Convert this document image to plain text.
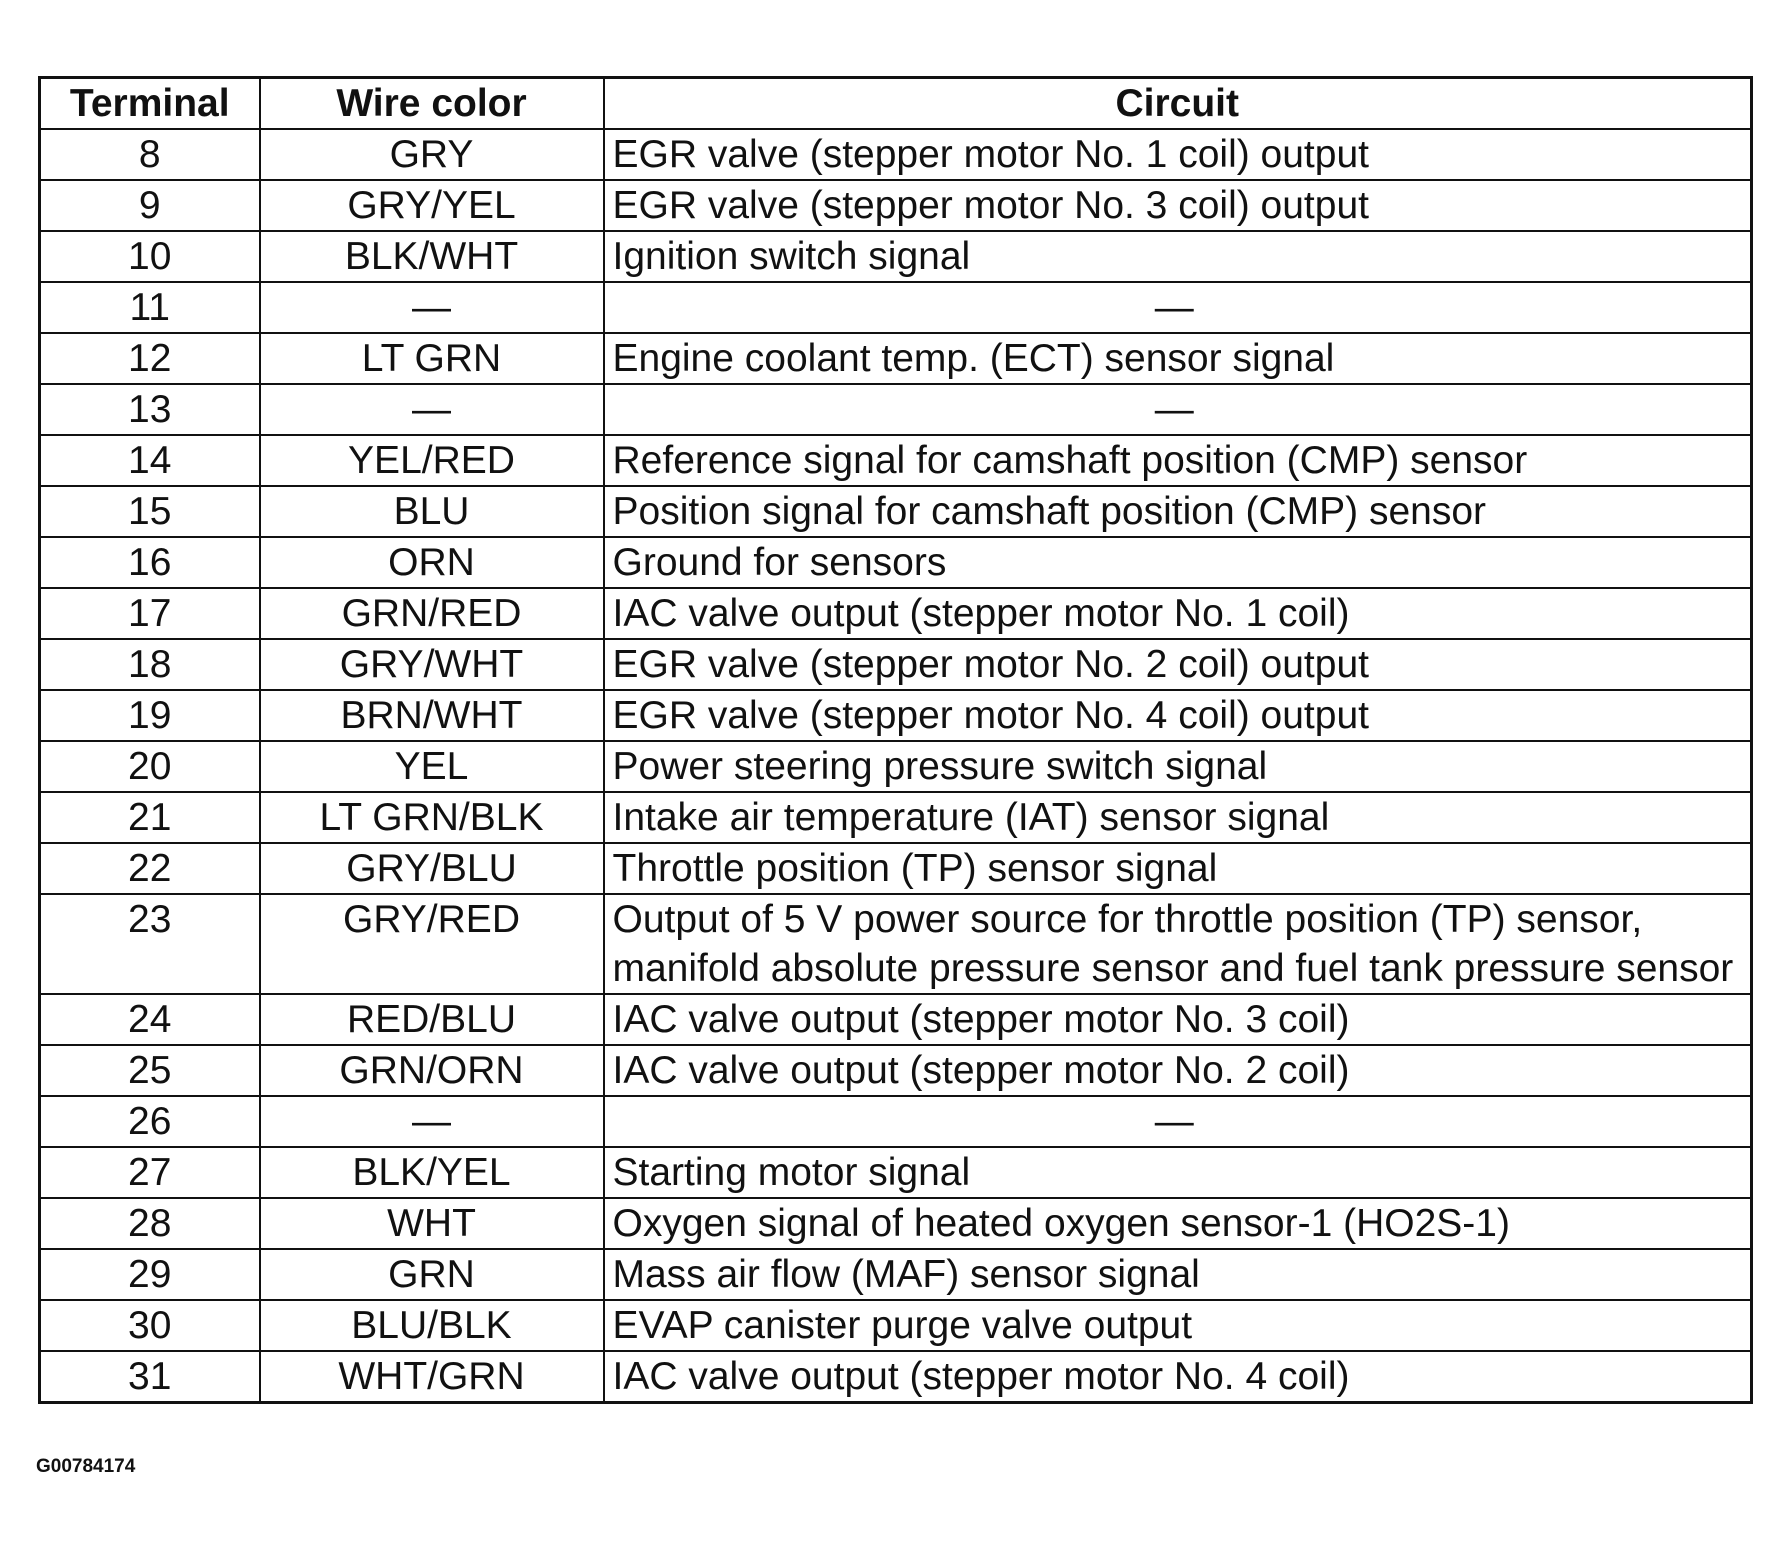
Terminal	Wire color	Circuit
8	GRY	EGR valve (stepper motor No. 1 coil) output
9	GRY/YEL	EGR valve (stepper motor No. 3 coil) output
10	BLK/WHT	Ignition switch signal
11	—	—
12	LT GRN	Engine coolant temp. (ECT) sensor signal
13	—	—
14	YEL/RED	Reference signal for camshaft position (CMP) sensor
15	BLU	Position signal for camshaft position (CMP) sensor
16	ORN	Ground for sensors
17	GRN/RED	IAC valve output (stepper motor No. 1 coil)
18	GRY/WHT	EGR valve (stepper motor No. 2 coil) output
19	BRN/WHT	EGR valve (stepper motor No. 4 coil) output
20	YEL	Power steering pressure switch signal
21	LT GRN/BLK	Intake air temperature (IAT) sensor signal
22	GRY/BLU	Throttle position (TP) sensor signal
23	GRY/RED	Output of 5 V power source for throttle position (TP) sensor, manifold absolute pressure sensor and fuel tank pressure sensor
24	RED/BLU	IAC valve output (stepper motor No. 3 coil)
25	GRN/ORN	IAC valve output (stepper motor No. 2 coil)
26	—	—
27	BLK/YEL	Starting motor signal
28	WHT	Oxygen signal of heated oxygen sensor-1 (HO2S-1)
29	GRN	Mass air flow (MAF) sensor signal
30	BLU/BLK	EVAP canister purge valve output
31	WHT/GRN	IAC valve output (stepper motor No. 4 coil)
G00784174
